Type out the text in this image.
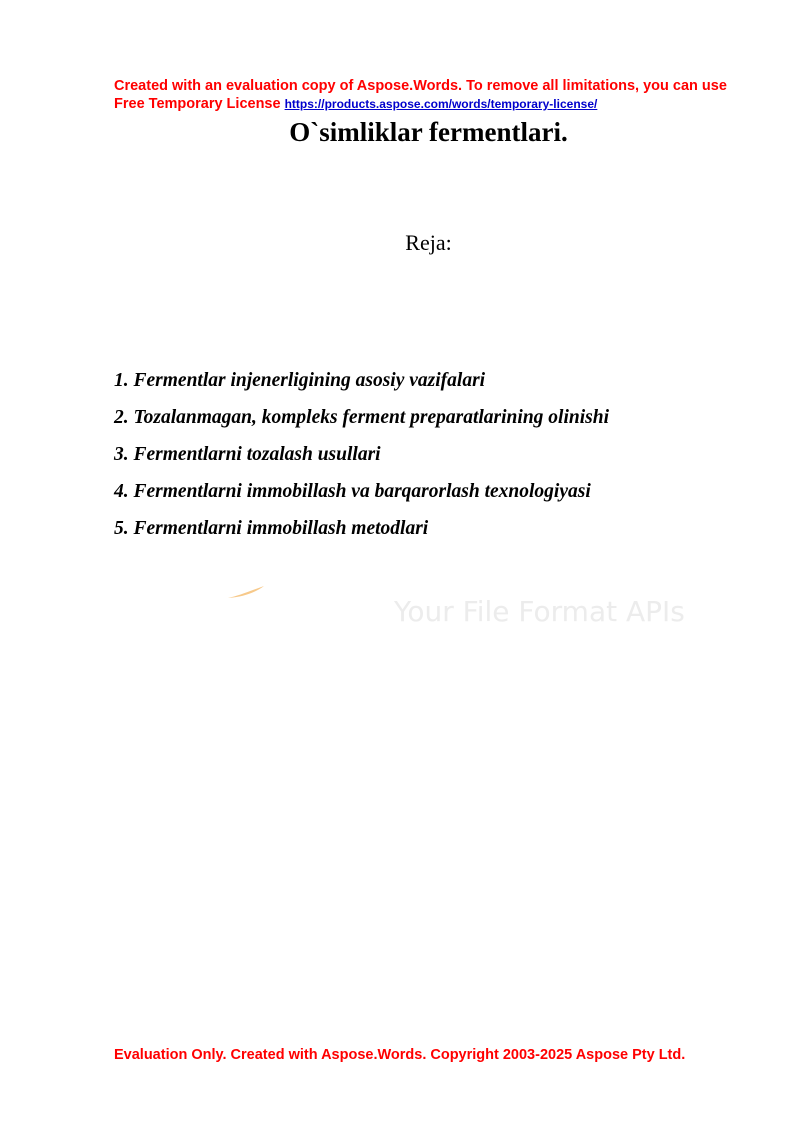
Created with an evaluation copy of Aspose.Words. To remove all limitations, you can use Free Temporary License https://products.aspose.com/words/temporary-license/
O`simliklar fermentlari.

Reja:

1. Fermentlar injenerligining asosiy vazifalari
2. Tozalanmagan, kompleks ferment preparatlarining olinishi
3. Fermentlarni tozalash usullari
4. Fermentlarni immobillash va barqarorlash texnologiyasi
5. Fermentlarni immobillash metodlari
Your File Format APIs
Evaluation Only. Created with Aspose.Words. Copyright 2003-2025 Aspose Pty Ltd.
